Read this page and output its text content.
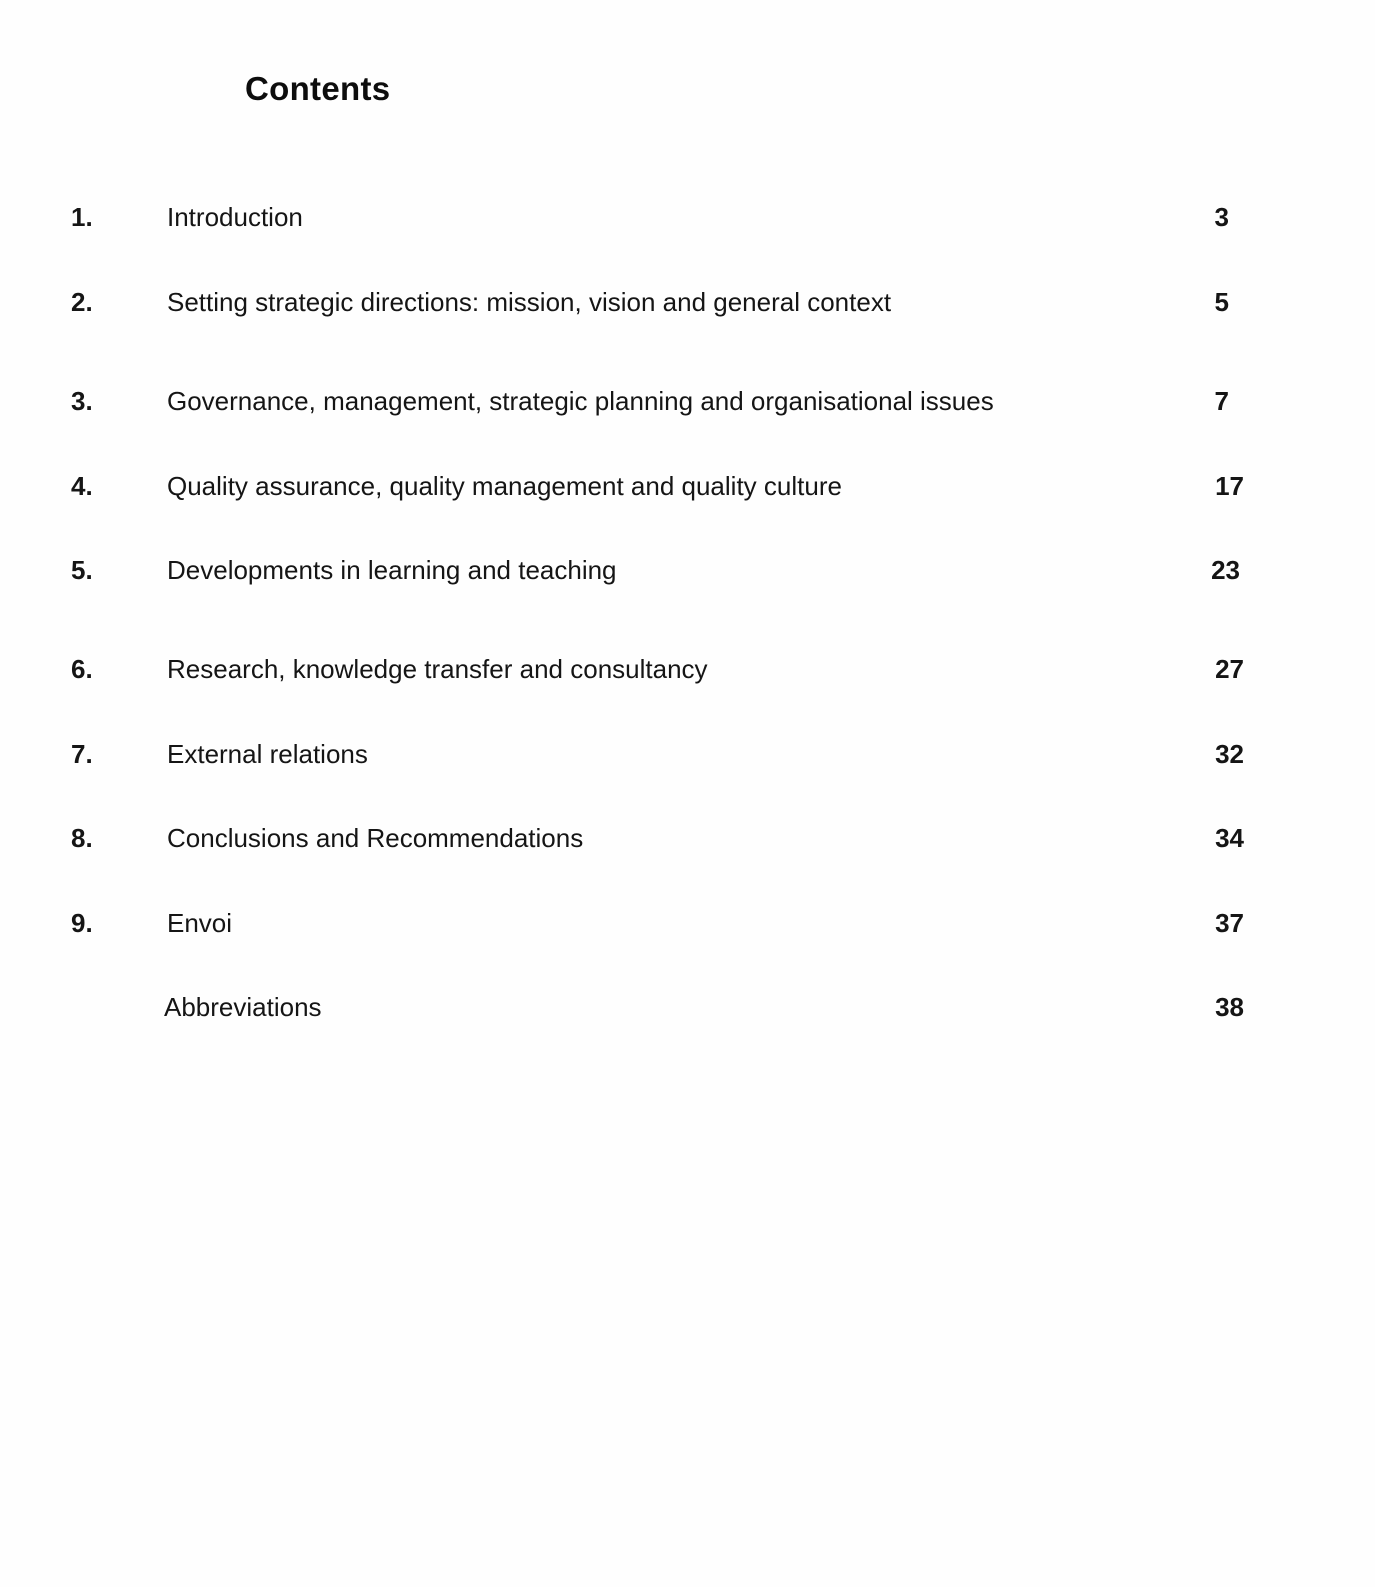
Contents
1.	Introduction	3
2.	Setting strategic directions: mission, vision and general context	5
3.	Governance, management, strategic planning and organisational issues	7
4.	Quality assurance, quality management and quality culture	17
5.	Developments in learning and teaching	23
6.	Research, knowledge transfer and consultancy	27
7.	External relations	32
8.	Conclusions and Recommendations	34
9.	Envoi	37
Abbreviations	38
